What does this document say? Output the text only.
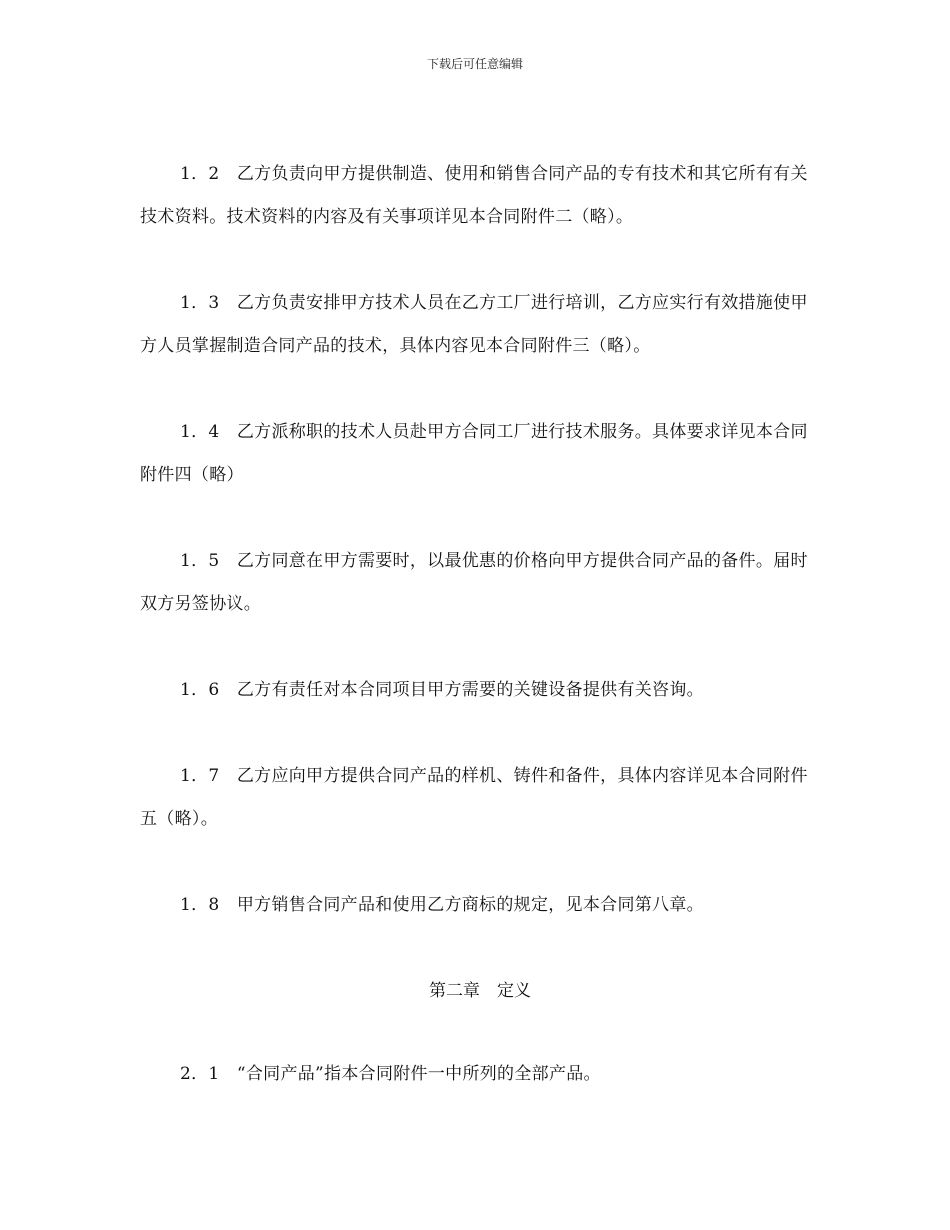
下载后可任意编辑

1．2　 乙方负责向甲方提供制造、使用和销售合同产品的专有技术和其它所有有关技术资料。技术资料的内容及有关事项详见本合同附件二（略）。

1．3　 乙方负责安排甲方技术人员在乙方工厂进行培训，乙方应实行有效措施使甲方人员掌握制造合同产品的技术，具体内容见本合同附件三（略）。

1．4　 乙方派称职的技术人员赴甲方合同工厂进行技术服务。具体要求详见本合同附件四（略）

1．5　 乙方同意在甲方需要时，以最优惠的价格向甲方提供合同产品的备件。届时双方另签协议。

1．6　 乙方有责任对本合同项目甲方需要的关键设备提供有关咨询。

1．7　 乙方应向甲方提供合同产品的样机、铸件和备件，具体内容详见本合同附件五（略）。

1．8　 甲方销售合同产品和使用乙方商标的规定，见本合同第八章。

第二章　定义

2．1　 “合同产品”指本合同附件一中所列的全部产品。
